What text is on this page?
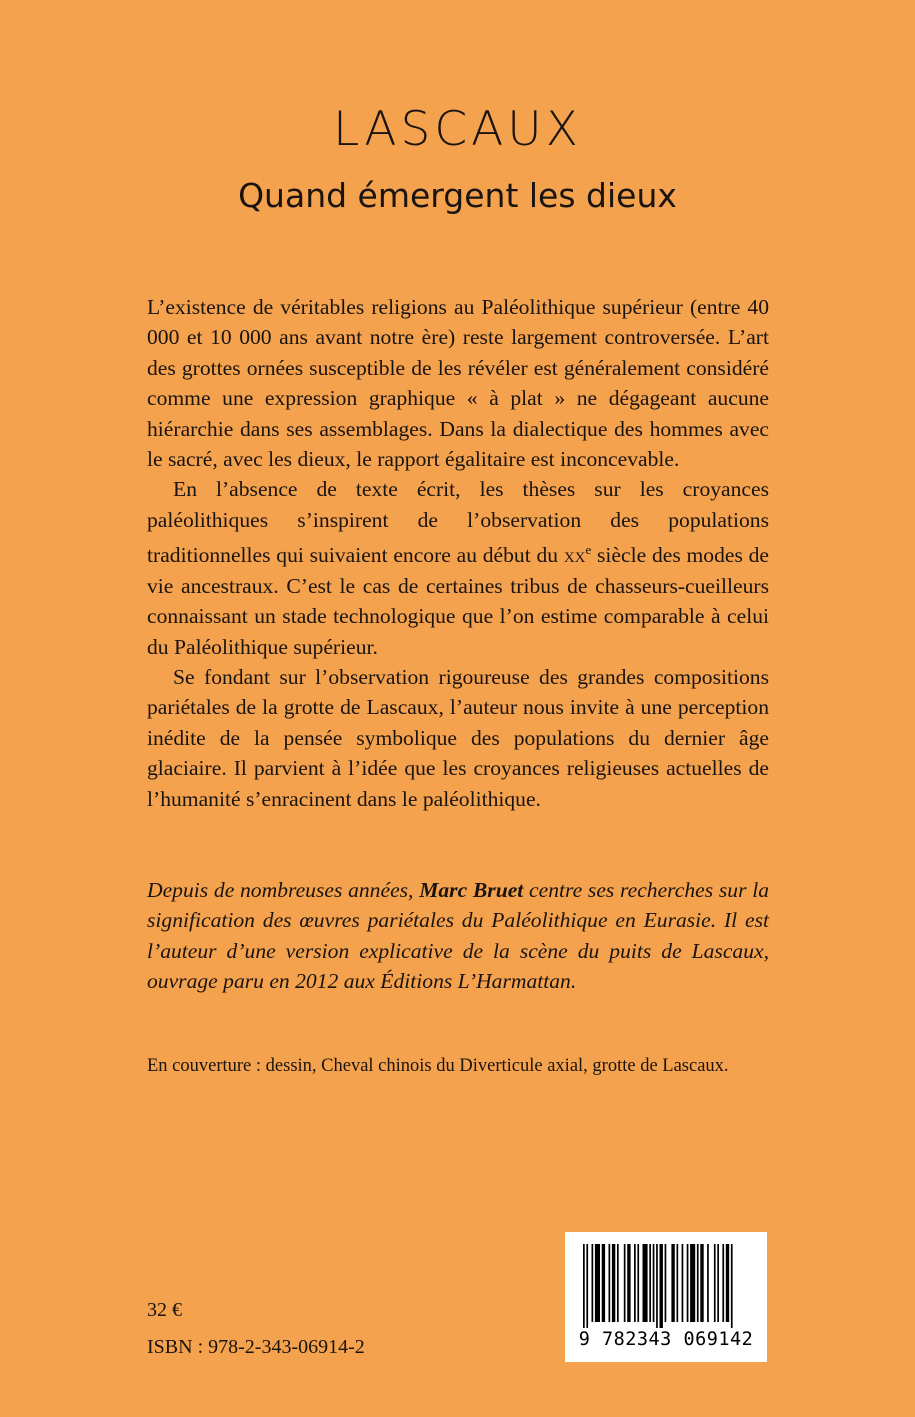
LASCAUX
Quand émergent les dieux

L’existence de véritables religions au Paléolithique supérieur (entre 40 000 et 10 000 ans avant notre ère) reste largement controversée. L’art des grottes ornées susceptible de les révéler est généralement considéré comme une expression graphique « à plat » ne dégageant aucune hiérarchie dans ses assemblages. Dans la dialectique des hommes avec le sacré, avec les dieux, le rapport égalitaire est inconcevable.

En l’absence de texte écrit, les thèses sur les croyances paléolithiques s’inspirent de l’observation des populations traditionnelles qui suivaient encore au début du $xx^e$ siècle des modes de vie ancestraux. C’est le cas de certaines tribus de chasseurs-cueilleurs connaissant un stade technologique que l’on estime comparable à celui du Paléolithique supérieur.

Se fondant sur l’observation rigoureuse des grandes compositions pariétales de la grotte de Lascaux, l’auteur nous invite à une perception inédite de la pensée symbolique des populations du dernier âge glaciaire. Il parvient à l’idée que les croyances religieuses actuelles de l’humanité s’enracinent dans le paléolithique.

Depuis de nombreuses années, Marc Bruet centre ses recherches sur la signification des œuvres pariétales du Paléolithique en Eurasie. Il est l’auteur d’une version explicative de la scène du puits de Lascaux, ouvrage paru en 2012 aux Éditions L’Harmattan.

En couverture : dessin, Cheval chinois du Diverticule axial, grotte de Lascaux.
32 €
ISBN : 978-2-343-06914-2	9 782343 069142
